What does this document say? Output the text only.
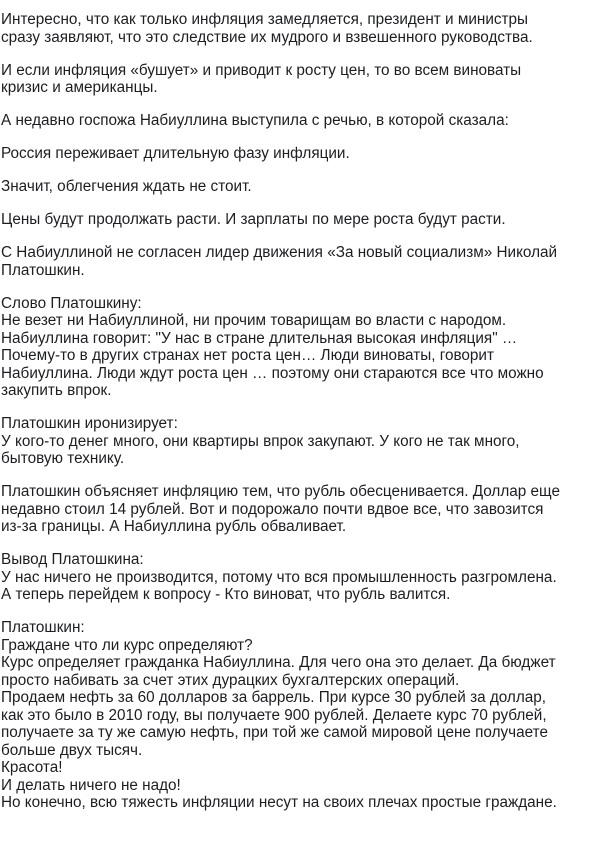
Интересно, что как только инфляция замедляется, президент и министры
сразу заявляют, что это следствие их мудрого и взвешенного руководства.

И если инфляция «бушует» и приводит к росту цен, то во всем виноваты
кризис и американцы.

А недавно госпожа Набиуллина выступила с речью, в которой сказала:

Россия переживает длительную фазу инфляции.

Значит, облегчения ждать не стоит.

Цены будут продолжать расти. И зарплаты по мере роста будут расти.

С Набиуллиной не согласен лидер движения «За новый социализм» Николай
Платошкин.

Слово Платошкину:
Не везет ни Набиуллиной, ни прочим товарищам во власти с народом.
Набиуллина говорит: "У нас в стране длительная высокая инфляция" …
Почему-то в других странах нет роста цен… Люди виноваты, говорит
Набиуллина. Люди ждут роста цен … поэтому они стараются все что можно
закупить впрок.

Платошкин иронизирует:
У кого-то денег много, они квартиры впрок закупают. У кого не так много,
бытовую технику.

Платошкин объясняет инфляцию тем, что рубль обесценивается. Доллар еще
недавно стоил 14 рублей. Вот и подорожало почти вдвое все, что завозится
из-за границы. А Набиуллина рубль обваливает.

Вывод Платошкина:
У нас ничего не производится, потому что вся промышленность разгромлена.
А теперь перейдем к вопросу - Кто виноват, что рубль валится.

Платошкин:
Граждане что ли курс определяют?
Курс определяет гражданка Набиуллина. Для чего она это делает. Да бюджет
просто набивать за счет этих дурацких бухгалтерских операций.
Продаем нефть за 60 долларов за баррель. При курсе 30 рублей за доллар,
как это было в 2010 году, вы получаете 900 рублей. Делаете курс 70 рублей,
получаете за ту же самую нефть, при той же самой мировой цене получаете
больше двух тысяч.
Красота!
И делать ничего не надо!
Но конечно, всю тяжесть инфляции несут на своих плечах простые граждане.
